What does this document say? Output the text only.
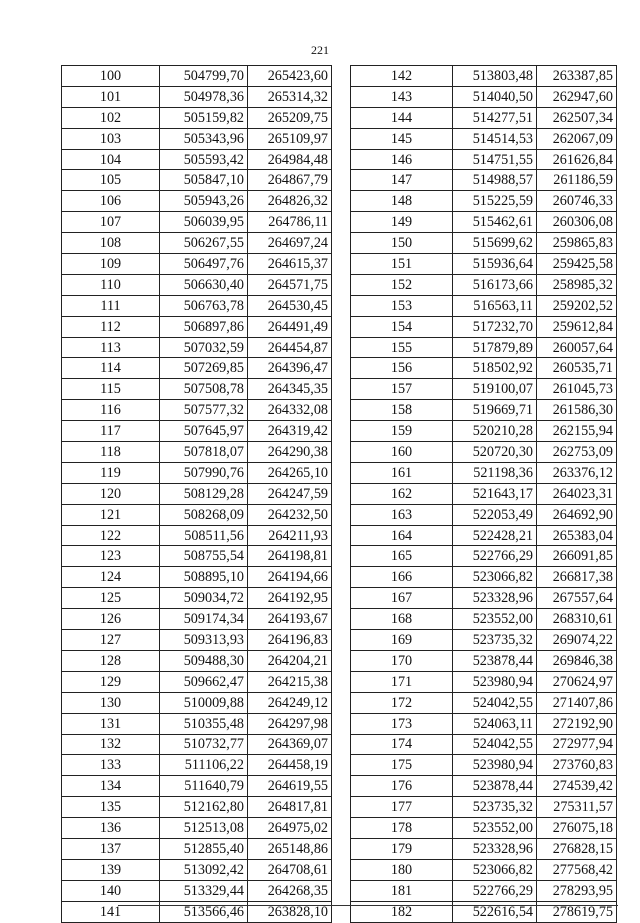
221
100	504799,70	265423,60
101	504978,36	265314,32
102	505159,82	265209,75
103	505343,96	265109,97
104	505593,42	264984,48
105	505847,10	264867,79
106	505943,26	264826,32
107	506039,95	264786,11
108	506267,55	264697,24
109	506497,76	264615,37
110	506630,40	264571,75
111	506763,78	264530,45
112	506897,86	264491,49
113	507032,59	264454,87
114	507269,85	264396,47
115	507508,78	264345,35
116	507577,32	264332,08
117	507645,97	264319,42
118	507818,07	264290,38
119	507990,76	264265,10
120	508129,28	264247,59
121	508268,09	264232,50
122	508511,56	264211,93
123	508755,54	264198,81
124	508895,10	264194,66
125	509034,72	264192,95
126	509174,34	264193,67
127	509313,93	264196,83
128	509488,30	264204,21
129	509662,47	264215,38
130	510009,88	264249,12
131	510355,48	264297,98
132	510732,77	264369,07
133	511106,22	264458,19
134	511640,79	264619,55
135	512162,80	264817,81
136	512513,08	264975,02
137	512855,40	265148,86
139	513092,42	264708,61
140	513329,44	264268,35
141	513566,46	263828,10
142	513803,48	263387,85
143	514040,50	262947,60
144	514277,51	262507,34
145	514514,53	262067,09
146	514751,55	261626,84
147	514988,57	261186,59
148	515225,59	260746,33
149	515462,61	260306,08
150	515699,62	259865,83
151	515936,64	259425,58
152	516173,66	258985,32
153	516563,11	259202,52
154	517232,70	259612,84
155	517879,89	260057,64
156	518502,92	260535,71
157	519100,07	261045,73
158	519669,71	261586,30
159	520210,28	262155,94
160	520720,30	262753,09
161	521198,36	263376,12
162	521643,17	264023,31
163	522053,49	264692,90
164	522428,21	265383,04
165	522766,29	266091,85
166	523066,82	266817,38
167	523328,96	267557,64
168	523552,00	268310,61
169	523735,32	269074,22
170	523878,44	269846,38
171	523980,94	270624,97
172	524042,55	271407,86
173	524063,11	272192,90
174	524042,55	272977,94
175	523980,94	273760,83
176	523878,44	274539,42
177	523735,32	275311,57
178	523552,00	276075,18
179	523328,96	276828,15
180	523066,82	277568,42
181	522766,29	278293,95
182	522616,54	278619,75
